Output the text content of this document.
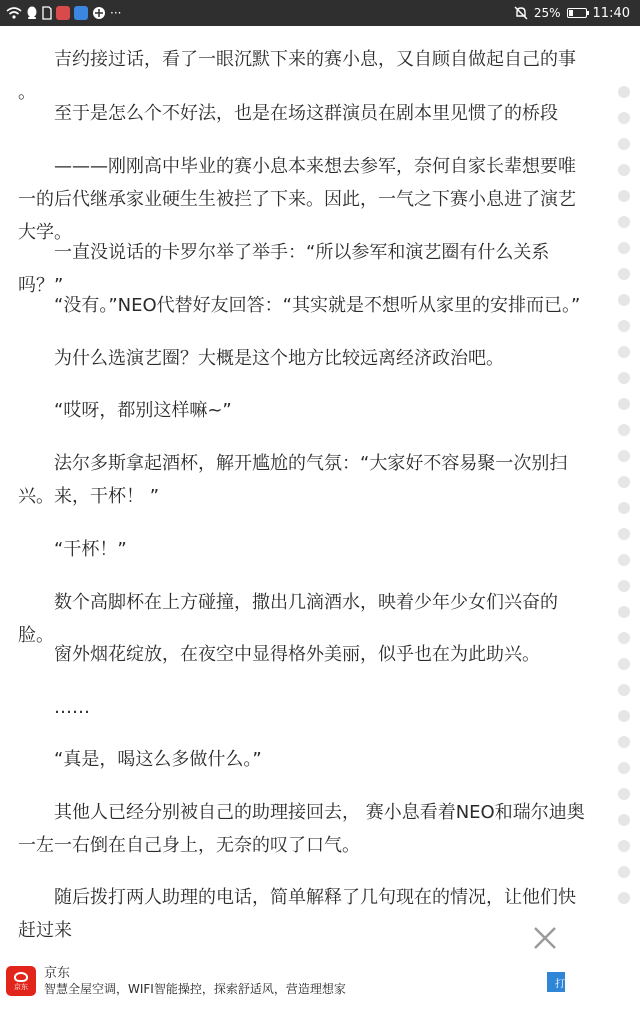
···	25% 11:40

吉约接过话，看了一眼沉默下来的赛小息，又自顾自做起自己的事 。

至于是怎么个不好法，也是在场这群演员在剧本里见惯了的桥段

———刚刚高中毕业的赛小息本来想去参军，奈何自家长辈想要唯一的后代继承家业硬生生被拦了下来。因此，一气之下赛小息进了演艺大学。

一直没说话的卡罗尔举了举手：“所以参军和演艺圈有什么关系吗？”

“没有。”NEO代替好友回答：“其实就是不想听从家里的安排而已。”

为什么选演艺圈？大概是这个地方比较远离经济政治吧。

“哎呀，都别这样嘛~”

法尔多斯拿起酒杯，解开尴尬的气氛：“大家好不容易聚一次别扫兴。来，干杯！ ”

“干杯！”

数个高脚杯在上方碰撞，撒出几滴酒水，映着少年少女们兴奋的脸。

窗外烟花绽放，在夜空中显得格外美丽，似乎也在为此助兴。

……

“真是，喝这么多做什么。”

其他人已经分别被自己的助理接回去， 赛小息看着NEO和瑞尔迪奥一左一右倒在自己身上，无奈的叹了口气。

随后拨打两人助理的电话，简单解释了几句现在的情况，让他们快赶过来

京东
京东
智慧全屋空调，WIFI智能操控，探索舒适风，营造理想家	打
